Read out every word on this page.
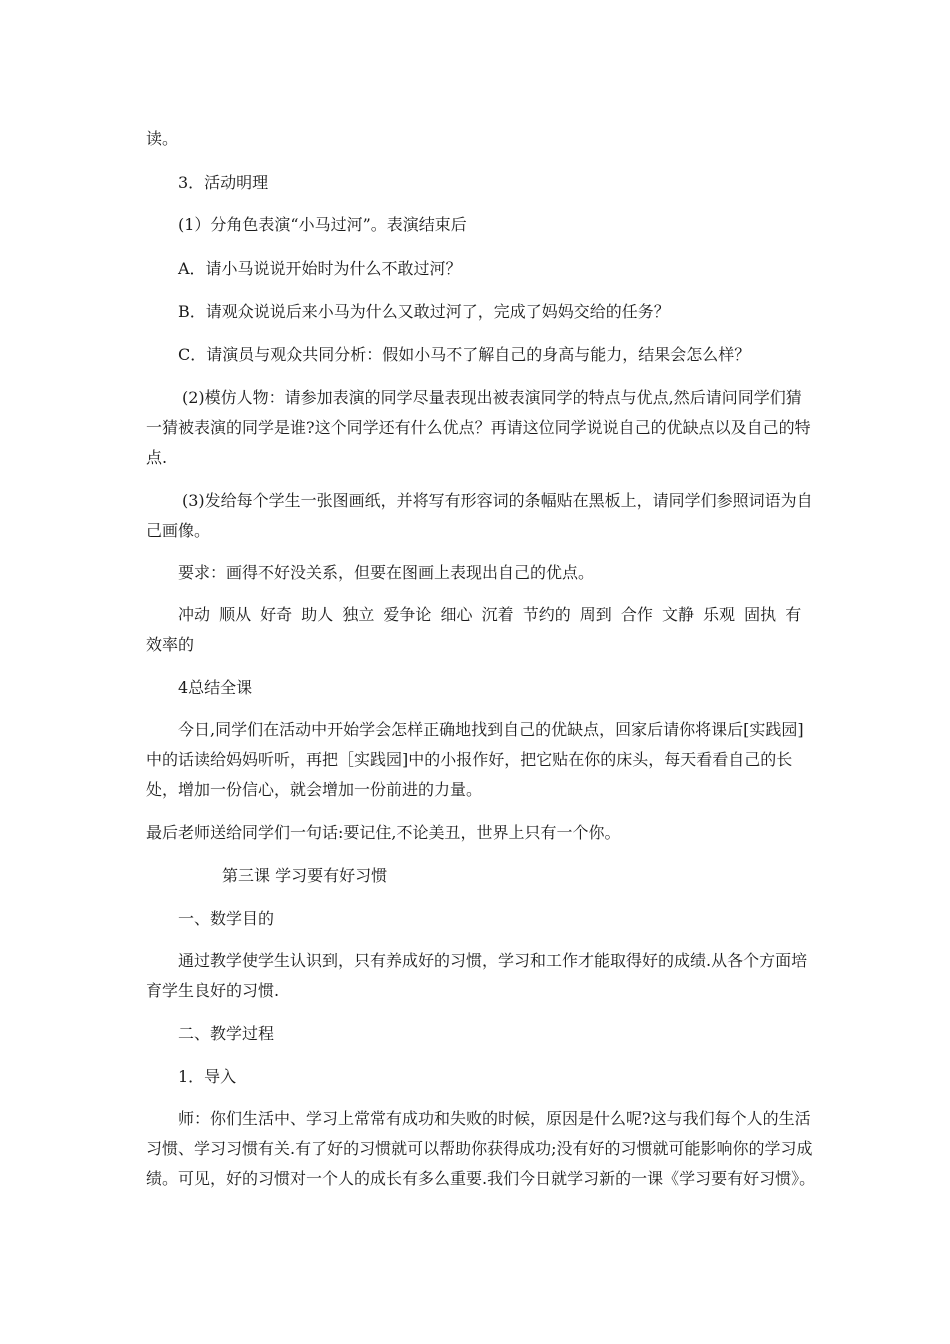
读。

3．活动明理

(1）分角色表演“小马过河”。表演结束后

A．请小马说说开始时为什么不敢过河？

B．请观众说说后来小马为什么又敢过河了，完成了妈妈交给的任务？

C．请演员与观众共同分析：假如小马不了解自己的身高与能力，结果会怎么样？

(2)模仿人物：请参加表演的同学尽量表现出被表演同学的特点与优点,然后请问同学们猜一猜被表演的同学是谁?这个同学还有什么优点？再请这位同学说说自己的优缺点以及自己的特点.

(3)发给每个学生一张图画纸，并将写有形容词的条幅贴在黑板上，请同学们参照词语为自己画像。

要求：画得不好没关系，但要在图画上表现出自己的优点。

冲动 顺从 好奇 助人 独立 爱争论 细心 沉着 节约的 周到 合作 文静 乐观 固执 有效率的

4总结全课

今日,同学们在活动中开始学会怎样正确地找到自己的优缺点，回家后请你将课后[实践园]中的话读给妈妈听听，再把［实践园]中的小报作好，把它贴在你的床头，每天看看自己的长处，增加一份信心，就会增加一份前进的力量。

最后老师送给同学们一句话:要记住,不论美丑，世界上只有一个你。

第三课 学习要有好习惯

一、数学目的

通过教学使学生认识到，只有养成好的习惯，学习和工作才能取得好的成绩.从各个方面培育学生良好的习惯.

二、教学过程

1．导入

师：你们生活中、学习上常常有成功和失败的时候，原因是什么呢?这与我们每个人的生活习惯、学习习惯有关.有了好的习惯就可以帮助你获得成功;没有好的习惯就可能影响你的学习成绩。可见，好的习惯对一个人的成长有多么重要.我们今日就学习新的一课《学习要有好习惯》。
